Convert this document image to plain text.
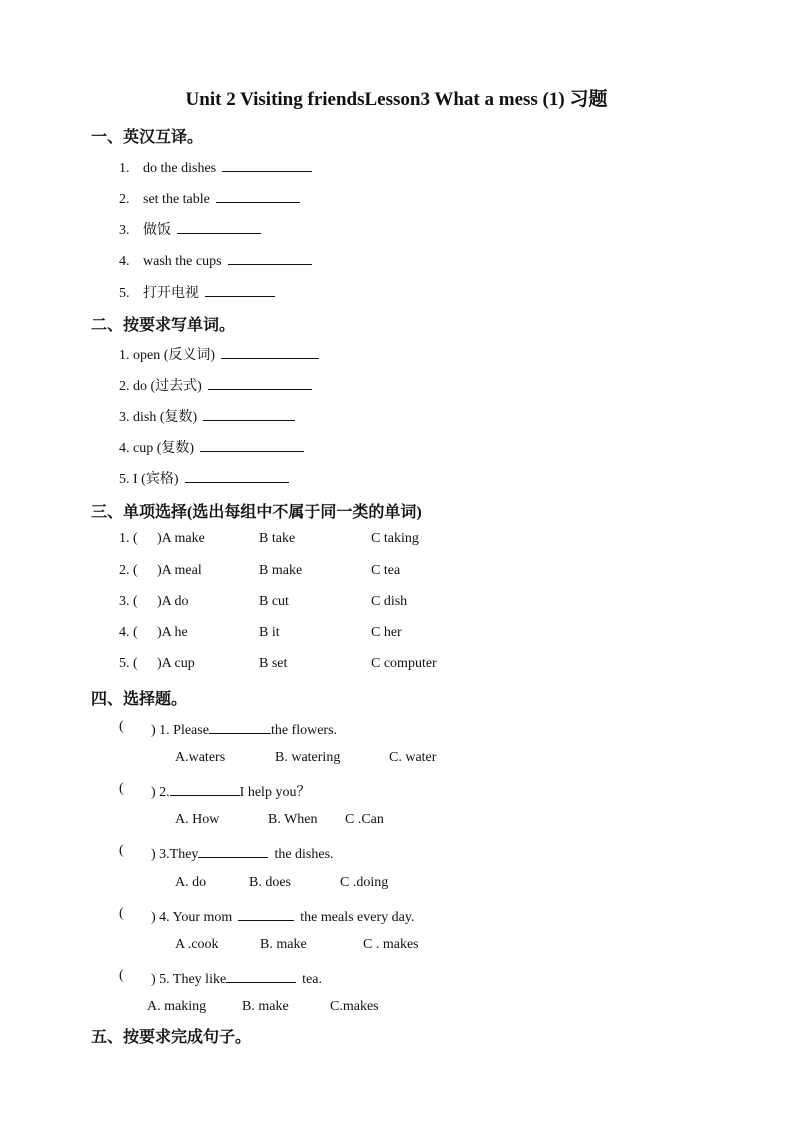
Unit 2 Visiting friendsLesson3 What a mess (1) 习题
一、英汉互译。
1. do the dishes
2. set the table
3. 做饭
4. wash the cups
5. 打开电视
二、按要求写单词。
1. open (反义词)
2. do (过去式)
3. dish (复数)
4. cup (复数)
5. I (宾格)
三、单项选择(选出每组中不属于同一类的单词)
1. ( )A make	B take	C taking
2. ( )A meal	B make	C tea
3. ( )A do	B cut	C dish
4. ( )A he	B it	C her
5. ( )A cup	B set	C computer
四、选择题。
( ) 1. Please	the flowers.
A.waters	B. watering	C. water
( ) 2.	I help you？
A. How	B. When C .Can
( ) 3.They	the dishes.
A. do	B. does	C .doing
( ) 4. Your mom	the meals every day.
A .cook	B. make	C . makes
( ) 5. They like	tea.
A. making	B. make	C.makes
五、按要求完成句子。
